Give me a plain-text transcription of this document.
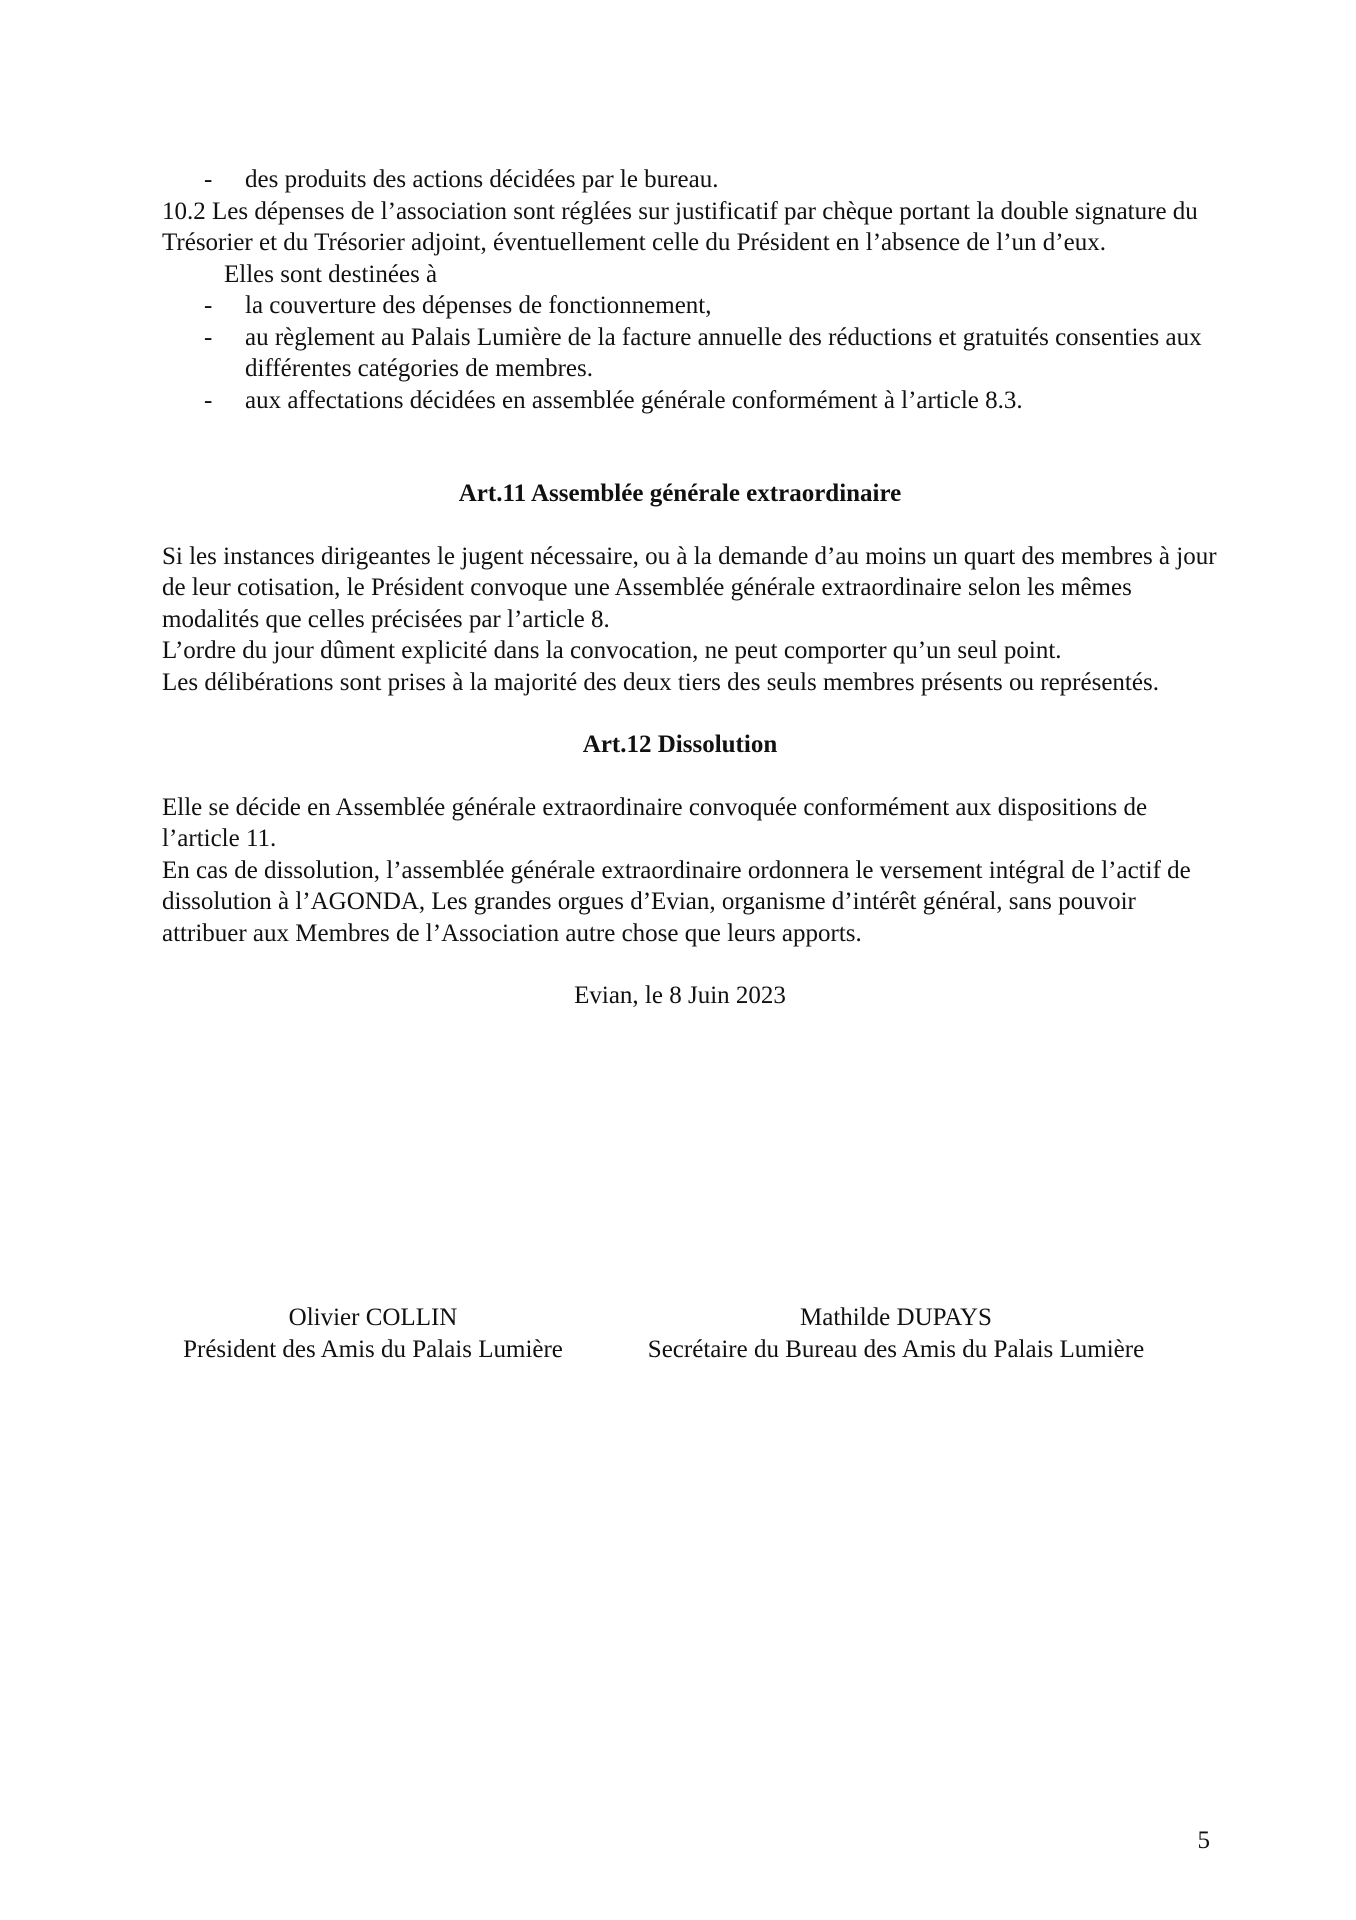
-	des produits des actions décidées par le bureau.

10.2 Les dépenses de l’association sont réglées sur justificatif par chèque portant la double signature du Trésorier et du Trésorier adjoint, éventuellement celle du Président en l’absence de l’un d’eux.

Elles sont destinées à

-	la couverture des dépenses de fonctionnement,
-	au règlement au Palais Lumière de la facture annuelle des réductions et gratuités consenties aux différentes catégories de membres.
-	aux affectations décidées en assemblée générale conformément à l’article 8.3.

Art.11 Assemblée générale extraordinaire

Si les instances dirigeantes le jugent nécessaire, ou à la demande d’au moins un quart des membres à jour de leur cotisation, le Président convoque une Assemblée générale extraordinaire selon les mêmes modalités que celles précisées par l’article 8.

L’ordre du jour dûment explicité dans la convocation, ne peut comporter qu’un seul point.

Les délibérations sont prises à la majorité des deux tiers des seuls membres présents ou représentés.

Art.12 Dissolution

Elle se décide en Assemblée générale extraordinaire convoquée conformément aux dispositions de l’article 11.

En cas de dissolution, l’assemblée générale extraordinaire ordonnera le versement intégral de l’actif de dissolution à l’AGONDA, Les grandes orgues d’Evian, organisme d’intérêt général, sans pouvoir attribuer aux Membres de l’Association autre chose que leurs apports.

Evian, le 8 Juin 2023

Olivier COLLIN
Président des Amis du Palais Lumière
Mathilde DUPAYS
Secrétaire du Bureau des Amis du Palais Lumière
5
